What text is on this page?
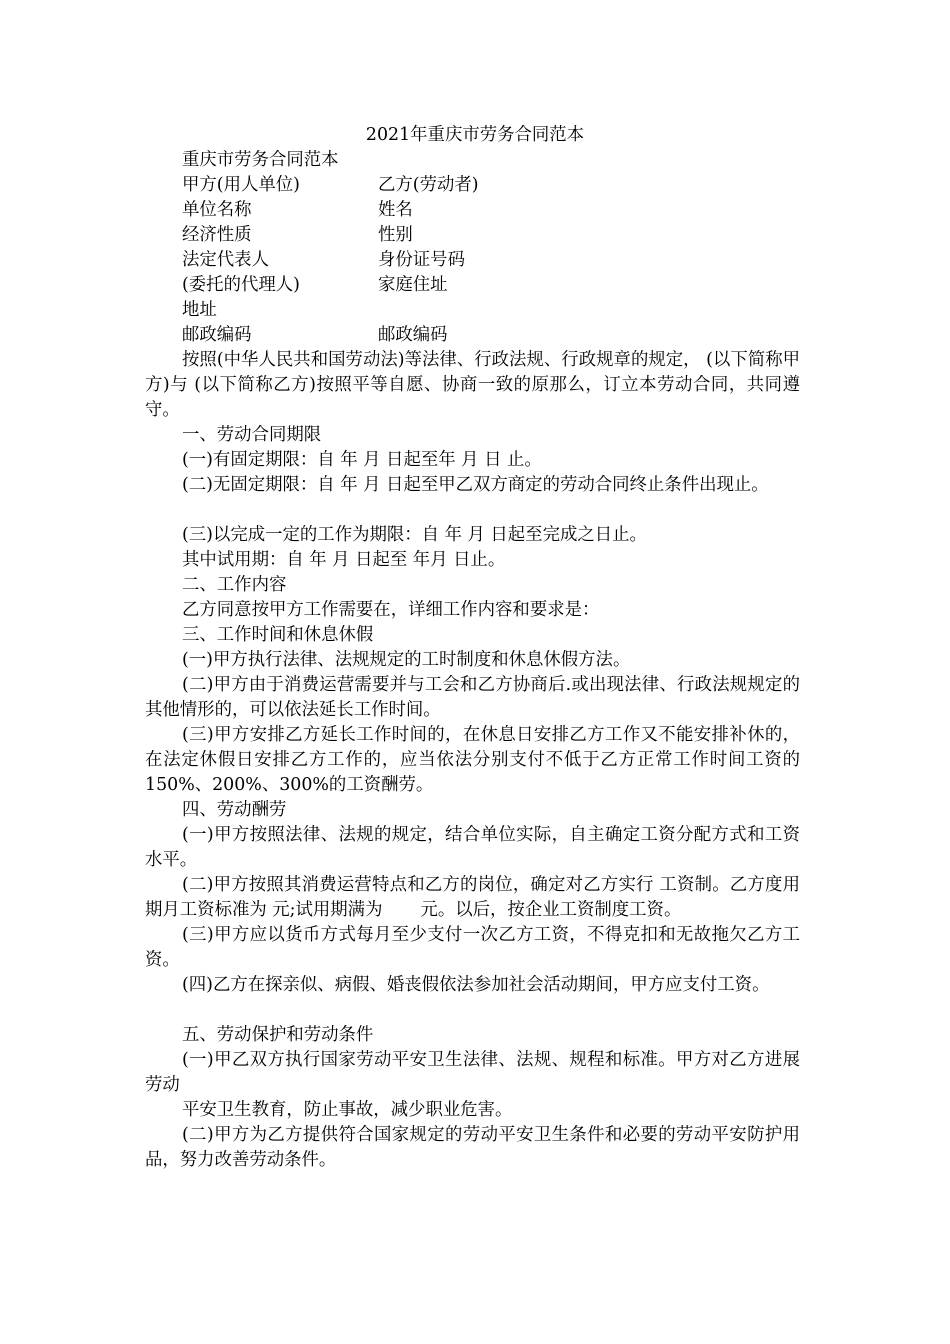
2021年重庆市劳务合同范本
重庆市劳务合同范本
甲方(用人单位)	乙方(劳动者)
单位名称	姓名
经济性质	性别
法定代表人	身份证号码
(委托的代理人)	家庭住址
地址
邮政编码	邮政编码

按照(中华人民共和国劳动法)等法律、行政法规、行政规章的规定， (以下简称甲方)与 (以下简称乙方)按照平等自愿、协商一致的原那么，订立本劳动合同，共同遵守。

一、劳动合同期限
(一)有固定期限：自 年 月 日起至年 月 日 止。

(二)无固定期限：自 年 月 日起至甲乙双方商定的劳动合同终止条件出现止。

(三)以完成一定的工作为期限：自 年 月 日起至完成之日止。
其中试用期：自 年 月 日起至 年月 日止。
二、工作内容
乙方同意按甲方工作需要在，详细工作内容和要求是：
三、工作时间和休息休假
(一)甲方执行法律、法规规定的工时制度和休息休假方法。

(二)甲方由于消费运营需要并与工会和乙方协商后.或出现法律、行政法规规定的其他情形的，可以依法延长工作时间。

(三)甲方安排乙方延长工作时间的，在休息日安排乙方工作又不能安排补休的，在法定休假日安排乙方工作的，应当依法分别支付不低于乙方正常工作时间工资的 150%、200%、300%的工资酬劳。

四、劳动酬劳

(一)甲方按照法律、法规的规定，结合单位实际，自主确定工资分配方式和工资水平。

(二)甲方按照其消费运营特点和乙方的岗位，确定对乙方实行 工资制。乙方度用期月工资标准为 元;试用期满为 元。以后，按企业工资制度工资。

(三)甲方应以货币方式每月至少支付一次乙方工资，不得克扣和无故拖欠乙方工资。

(四)乙方在探亲似、病假、婚丧假依法参加社会活动期间，甲方应支付工资。

五、劳动保护和劳动条件

(一)甲乙双方执行国家劳动平安卫生法律、法规、规程和标准。甲方对乙方进展劳动

平安卫生教育，防止事故，减少职业危害。

(二)甲方为乙方提供符合国家规定的劳动平安卫生条件和必要的劳动平安防护用品，努力改善劳动条件。
